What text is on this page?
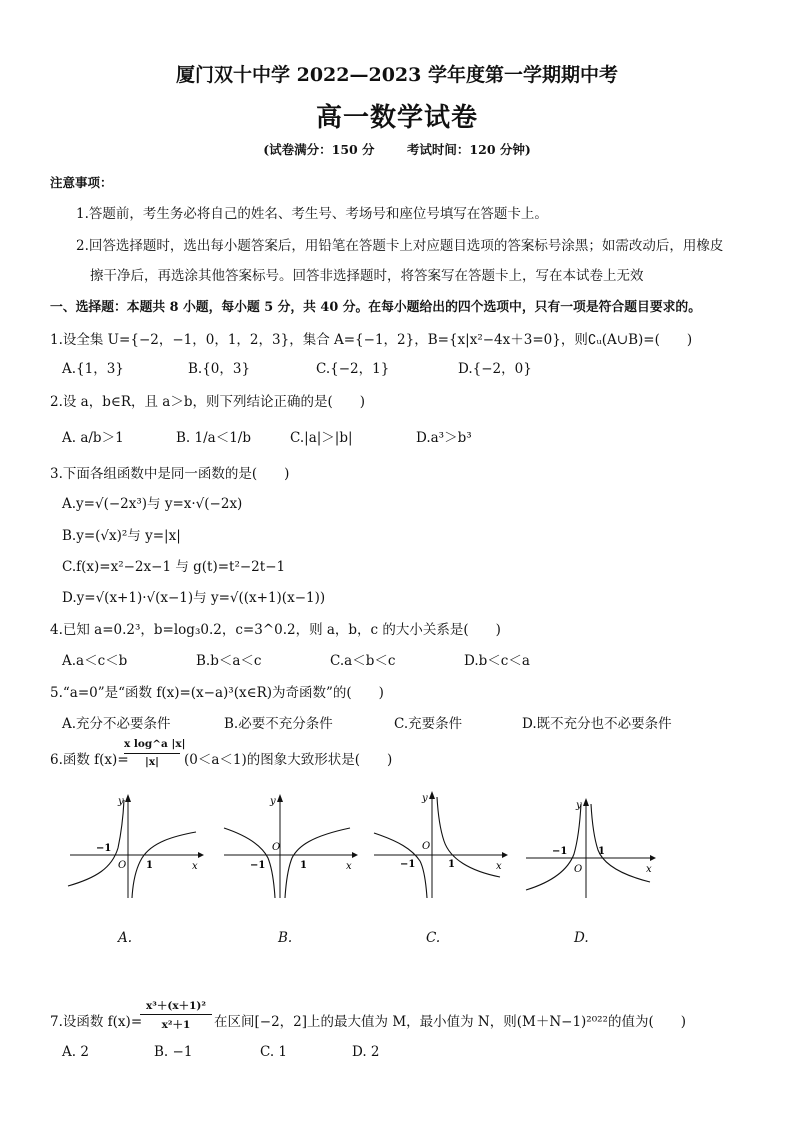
厦门双十中学 2022—2023 学年度第一学期期中考
高一数学试卷
(试卷满分：150 分	考试时间：120 分钟)
注意事项：
1.答题前，考生务必将自己的姓名、考生号、考场号和座位号填写在答题卡上。
2.回答选择题时，选出每小题答案后，用铅笔在答题卡上对应题目选项的答案标号涂黑；如需改动后，用橡皮
擦干净后，再选涂其他答案标号。回答非选择题时，将答案写在答题卡上，写在本试卷上无效
一、选择题：本题共 8 小题，每小题 5 分，共 40 分。在每小题给出的四个选项中，只有一项是符合题目要求的。
1.设全集 U={−2，−1，0，1，2，3}，集合 A={−1，2}，B={x|x²−4x＋3=0}，则∁ᵤ(A∪B)=(　　)
A.{1，3}	B.{0，3}	C.{−2，1}	D.{−2，0}
2.设 a，b∈R，且 a＞b，则下列结论正确的是(　　)
A. a/b＞1	B. 1/a＜1/b	C.|a|＞|b|	D.a³＞b³
3.下面各组函数中是同一函数的是(　　)
A.y=√(−2x³)与 y=x·√(−2x)
B.y=(√x)²与 y=|x|
C.f(x)=x²−2x−1 与 g(t)=t²−2t−1
D.y=√(x+1)·√(x−1)与 y=√((x+1)(x−1))
4.已知 a=0.2³，b=log₃0.2，c=3^0.2，则 a，b，c 的大小关系是(　　)
A.a＜c＜b	B.b＜a＜c	C.a＜b＜c	D.b＜c＜a
5.“a=0”是“函数 f(x)=(x−a)³(x∈R)为奇函数”的(　　)
A.充分不必要条件	B.必要不充分条件	C.充要条件	D.既不充分也不必要条件
6.函数 f(x)=
x log^a |x|
|x|	(0＜a＜1)的图象大致形状是(　　)
y
x
O
−1
1
A.
y
x
O
−1	1
B.
y
x
O
−1	1
C.
y
x
O
−1	1
D.
7.设函数 f(x)=
x³＋(x＋1)²
x²＋1	在区间[−2，2]上的最大值为 M，最小值为 N，则(M＋N−1)²⁰²²的值为(　　)
A. 2	B. −1	C. 1	D. 2
